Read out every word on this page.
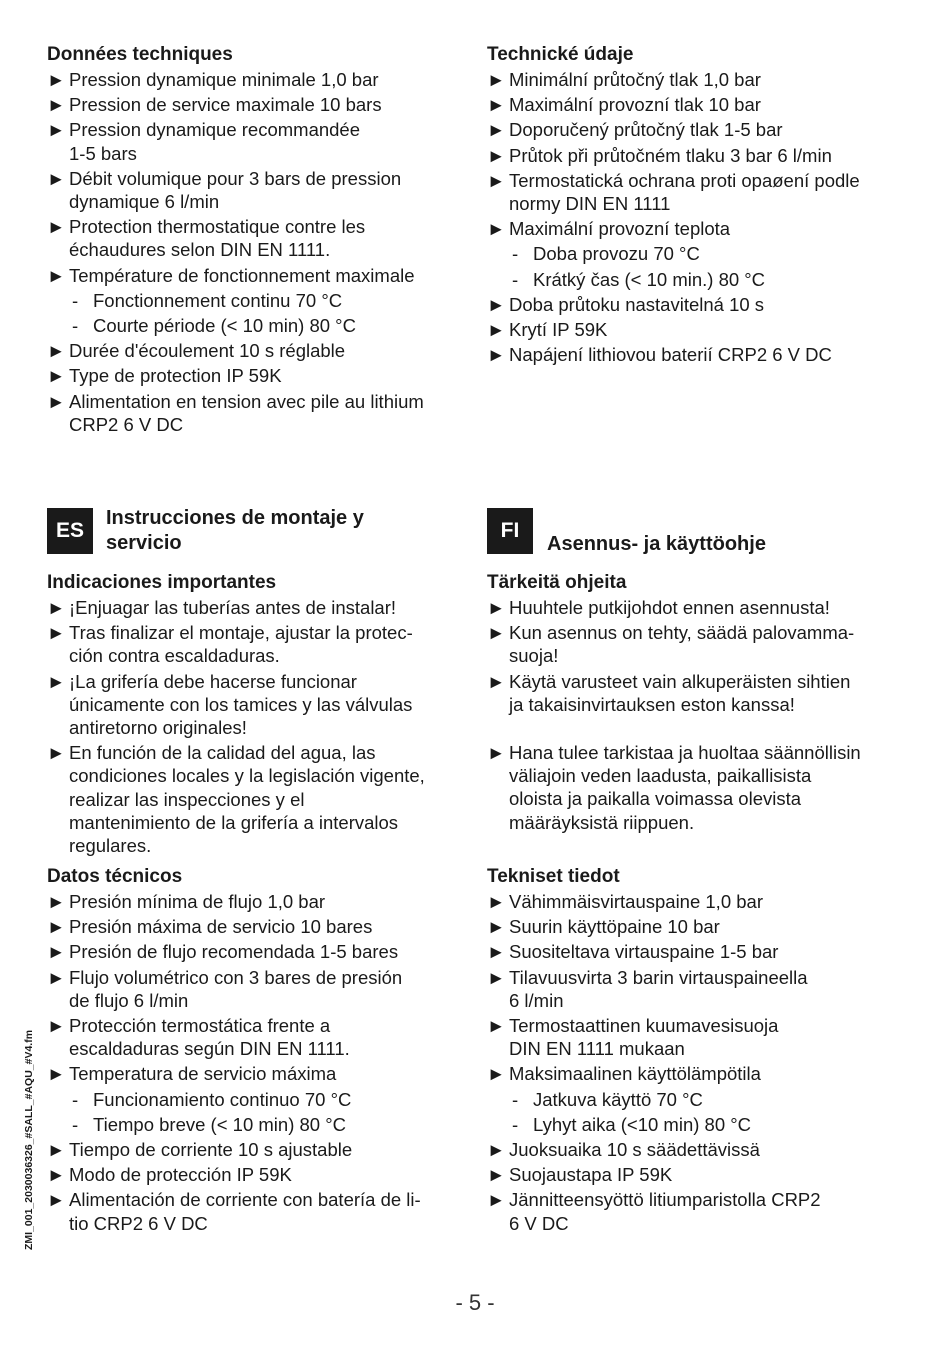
Données techniques
► Pression dynamique minimale 1,0 bar
► Pression de service maximale 10 bars
► Pression dynamique recommandée
1-5 bars
► Débit volumique pour 3 bars de pression
dynamique 6 l/min
► Protection thermostatique contre les
échaudures selon DIN EN 1111.
► Température de fonctionnement maximale
- Fonctionnement continu 70 °C
- Courte période (< 10 min) 80 °C
► Durée d'écoulement 10 s réglable
► Type de protection IP 59K
► Alimentation en tension avec pile au lithium
CRP2 6 V DC
Technické údaje
► Minimální průtočný tlak 1,0 bar
► Maximální provozní tlak 10 bar
► Doporučený průtočný tlak 1-5 bar
► Průtok při průtočném tlaku 3 bar 6 l/min
► Termostatická ochrana proti opaøení podle
normy DIN EN 1111
► Maximální provozní teplota
- Doba provozu 70 °C
- Krátký čas (< 10 min.) 80 °C
► Doba průtoku nastavitelná 10 s
► Krytí IP 59K
► Napájení lithiovou baterií CRP2 6 V DC
ES
Instrucciones de montaje y
servicio
FI
Asennus- ja käyttöohje
Indicaciones importantes
► ¡Enjuagar las tuberías antes de instalar!
► Tras finalizar el montaje, ajustar la protec-
ción contra escaldaduras.
► ¡La grifería debe hacerse funcionar
únicamente con los tamices y las válvulas
antiretorno originales!
► En función de la calidad del agua, las
condiciones locales y la legislación vigente,
realizar las inspecciones y el
mantenimiento de la grifería a intervalos
regulares.
Tärkeitä ohjeita
► Huuhtele putkijohdot ennen asennusta!
► Kun asennus on tehty, säädä palovamma-
suoja!
► Käytä varusteet vain alkuperäisten sihtien
ja takaisinvirtauksen eston kanssa!
► Hana tulee tarkistaa ja huoltaa säännöllisin
väliajoin veden laadusta, paikallisista
oloista ja paikalla voimassa olevista
määräyksistä riippuen.
Datos técnicos
► Presión mínima de flujo 1,0 bar
► Presión máxima de servicio 10 bares
► Presión de flujo recomendada 1-5 bares
► Flujo volumétrico con 3 bares de presión
de flujo 6 l/min
► Protección termostática frente a
escaldaduras según DIN EN 1111.
► Temperatura de servicio máxima
- Funcionamiento continuo 70 °C
- Tiempo breve (< 10 min) 80 °C
► Tiempo de corriente 10 s ajustable
► Modo de protección IP 59K
► Alimentación de corriente con batería de li-
tio CRP2 6 V DC
Tekniset tiedot
► Vähimmäisvirtauspaine 1,0 bar
► Suurin käyttöpaine 10 bar
► Suositeltava virtauspaine 1-5 bar
► Tilavuusvirta 3 barin virtauspaineella
6 l/min
► Termostaattinen kuumavesisuoja
DIN EN 1111 mukaan
► Maksimaalinen käyttölämpötila
- Jatkuva käyttö 70 °C
- Lyhyt aika (<10 min) 80 °C
► Juoksuaika 10 s säädettävissä
► Suojaustapa IP 59K
► Jännitteensyöttö litiumparistolla CRP2
6 V DC
ZMI_001_2030036326_#SALL_#AQU_#V4.fm
- 5 -
